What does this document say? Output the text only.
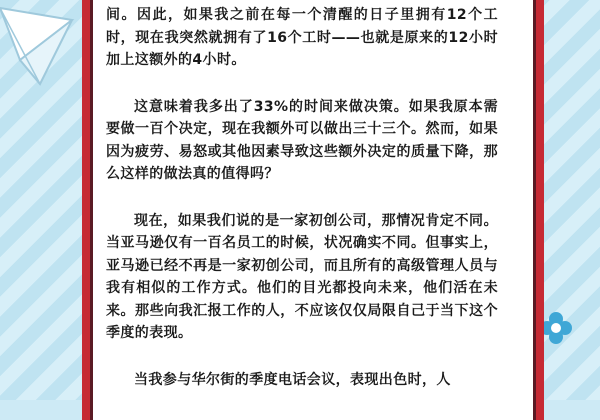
间。因此，如果我之前在每一个清醒的日子里拥有12个工时，现在我突然就拥有了16个工时——也就是原来的12小时加上这额外的4小时。

这意味着我多出了33%的时间来做决策。如果我原本需要做一百个决定，现在我额外可以做出三十三个。然而，如果因为疲劳、易怒或其他因素导致这些额外决定的质量下降，那么这样的做法真的值得吗？

现在，如果我们说的是一家初创公司，那情况肯定不同。当亚马逊仅有一百名员工的时候，状况确实不同。但事实上，亚马逊已经不再是一家初创公司，而且所有的高级管理人员与我有相似的工作方式。他们的目光都投向未来，他们活在未来。那些向我汇报工作的人，不应该仅仅局限自己于当下这个季度的表现。

当我参与华尔街的季度电话会议，表现出色时，人
